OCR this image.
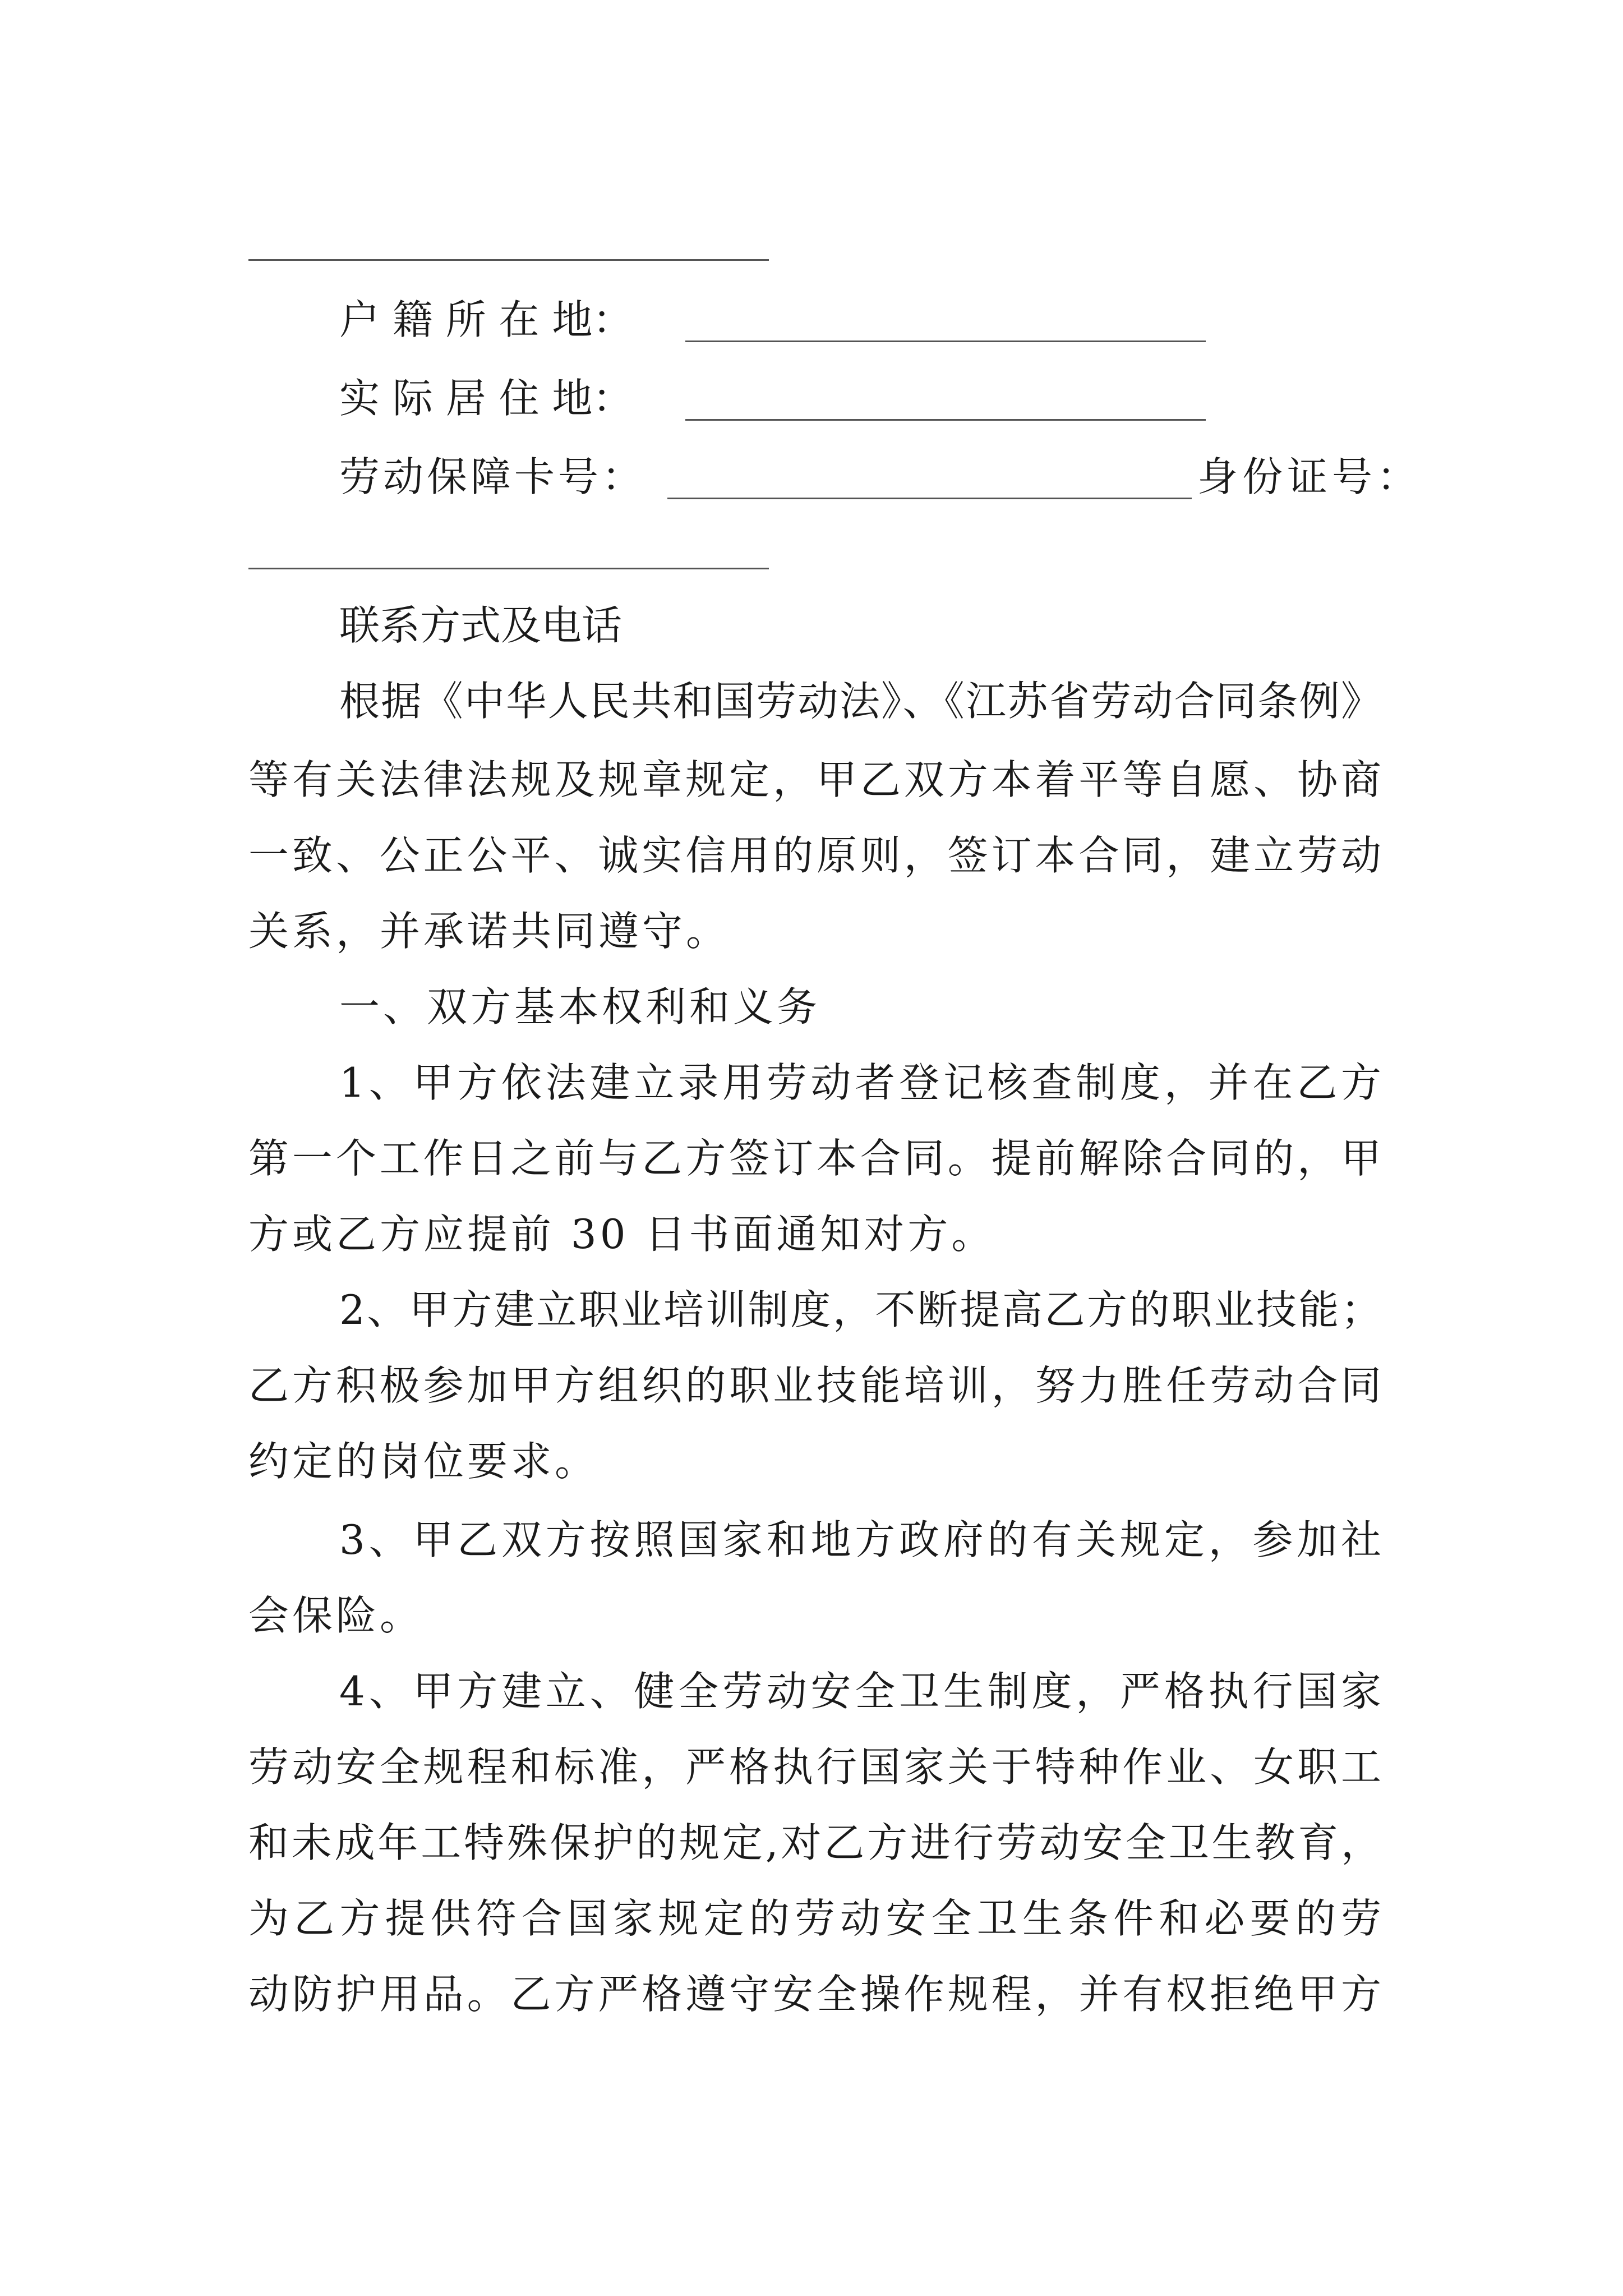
户 籍 所 在 地：
实 际 居 住 地：
劳动保障卡号：	身份证号：
联系方式及电话
根据《中华人民共和国劳动法》、《江苏省劳动合同条例》
等有关法律法规及规章规定，甲乙双方本着平等自愿、协商
一致、公正公平、诚实信用的原则，签订本合同，建立劳动
关系，并承诺共同遵守。
一、双方基本权利和义务
1、甲方依法建立录用劳动者登记核查制度，并在乙方
第一个工作日之前与乙方签订本合同。提前解除合同的，甲
方或乙方应提前 30 日书面通知对方。
2、甲方建立职业培训制度，不断提高乙方的职业技能；
乙方积极参加甲方组织的职业技能培训，努力胜任劳动合同
约定的岗位要求。
3、甲乙双方按照国家和地方政府的有关规定，参加社
会保险。
4、甲方建立、健全劳动安全卫生制度，严格执行国家
劳动安全规程和标准，严格执行国家关于特种作业、女职工
和未成年工特殊保护的规定,对乙方进行劳动安全卫生教育，
为乙方提供符合国家规定的劳动安全卫生条件和必要的劳
动防护用品。乙方严格遵守安全操作规程，并有权拒绝甲方
